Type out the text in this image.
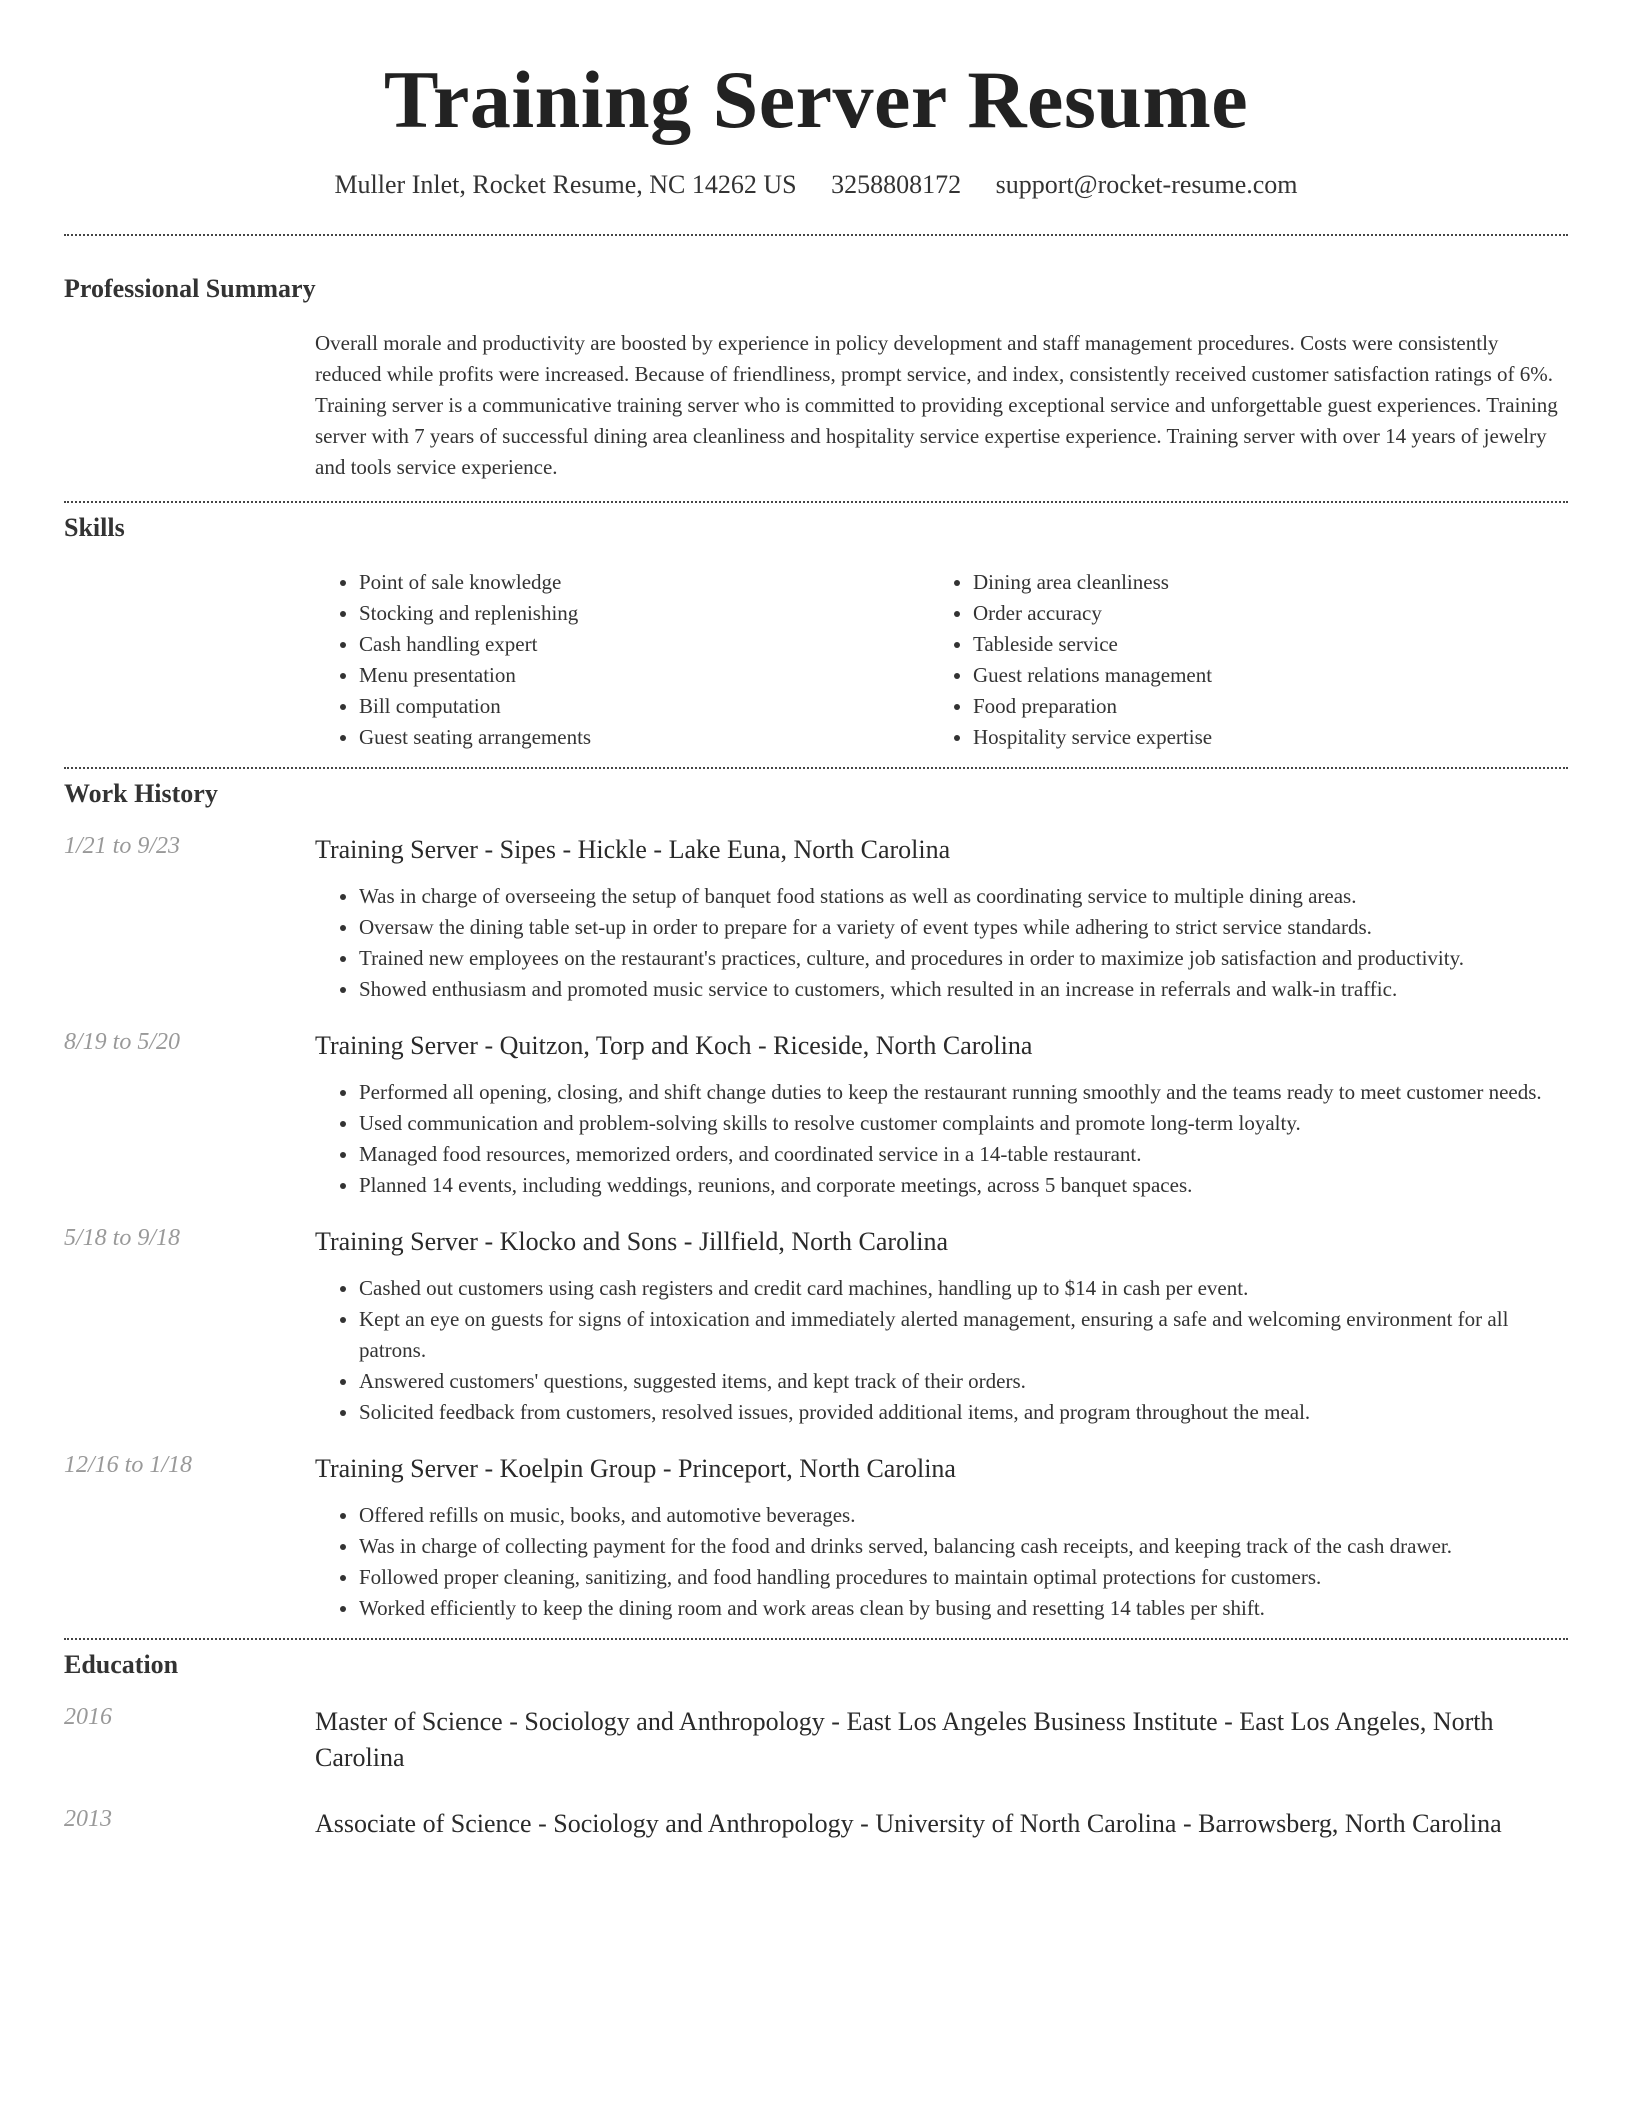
Training Server Resume
Muller Inlet, Rocket Resume, NC 14262 US 3258808172 support@rocket-resume.com
Professional Summary
Overall morale and productivity are boosted by experience in policy development and staff management procedures. Costs were consistently reduced while profits were increased. Because of friendliness, prompt service, and index, consistently received customer satisfaction ratings of 6%. Training server is a communicative training server who is committed to providing exceptional service and unforgettable guest experiences. Training server with 7 years of successful dining area cleanliness and hospitality service expertise experience. Training server with over 14 years of jewelry and tools service experience.
Skills
• Point of sale knowledge
• Stocking and replenishing
• Cash handling expert
• Menu presentation
• Bill computation
• Guest seating arrangements
• Dining area cleanliness
• Order accuracy
• Tableside service
• Guest relations management
• Food preparation
• Hospitality service expertise
Work History
1/21 to 9/23	Training Server - Sipes - Hickle - Lake Euna, North Carolina
• Was in charge of overseeing the setup of banquet food stations as well as coordinating service to multiple dining areas.
• Oversaw the dining table set-up in order to prepare for a variety of event types while adhering to strict service standards.
• Trained new employees on the restaurant's practices, culture, and procedures in order to maximize job satisfaction and productivity.
• Showed enthusiasm and promoted music service to customers, which resulted in an increase in referrals and walk-in traffic.
8/19 to 5/20	Training Server - Quitzon, Torp and Koch - Riceside, North Carolina
• Performed all opening, closing, and shift change duties to keep the restaurant running smoothly and the teams ready to meet customer needs.
• Used communication and problem-solving skills to resolve customer complaints and promote long-term loyalty.
• Managed food resources, memorized orders, and coordinated service in a 14-table restaurant.
• Planned 14 events, including weddings, reunions, and corporate meetings, across 5 banquet spaces.
5/18 to 9/18	Training Server - Klocko and Sons - Jillfield, North Carolina
• Cashed out customers using cash registers and credit card machines, handling up to $14 in cash per event.
• Kept an eye on guests for signs of intoxication and immediately alerted management, ensuring a safe and welcoming environment for all patrons.
• Answered customers' questions, suggested items, and kept track of their orders.
• Solicited feedback from customers, resolved issues, provided additional items, and program throughout the meal.
12/16 to 1/18	Training Server - Koelpin Group - Princeport, North Carolina
• Offered refills on music, books, and automotive beverages.
• Was in charge of collecting payment for the food and drinks served, balancing cash receipts, and keeping track of the cash drawer.
• Followed proper cleaning, sanitizing, and food handling procedures to maintain optimal protections for customers.
• Worked efficiently to keep the dining room and work areas clean by busing and resetting 14 tables per shift.
Education
2016	Master of Science - Sociology and Anthropology - East Los Angeles Business Institute - East Los Angeles, North Carolina
2013	Associate of Science - Sociology and Anthropology - University of North Carolina - Barrowsberg, North Carolina
